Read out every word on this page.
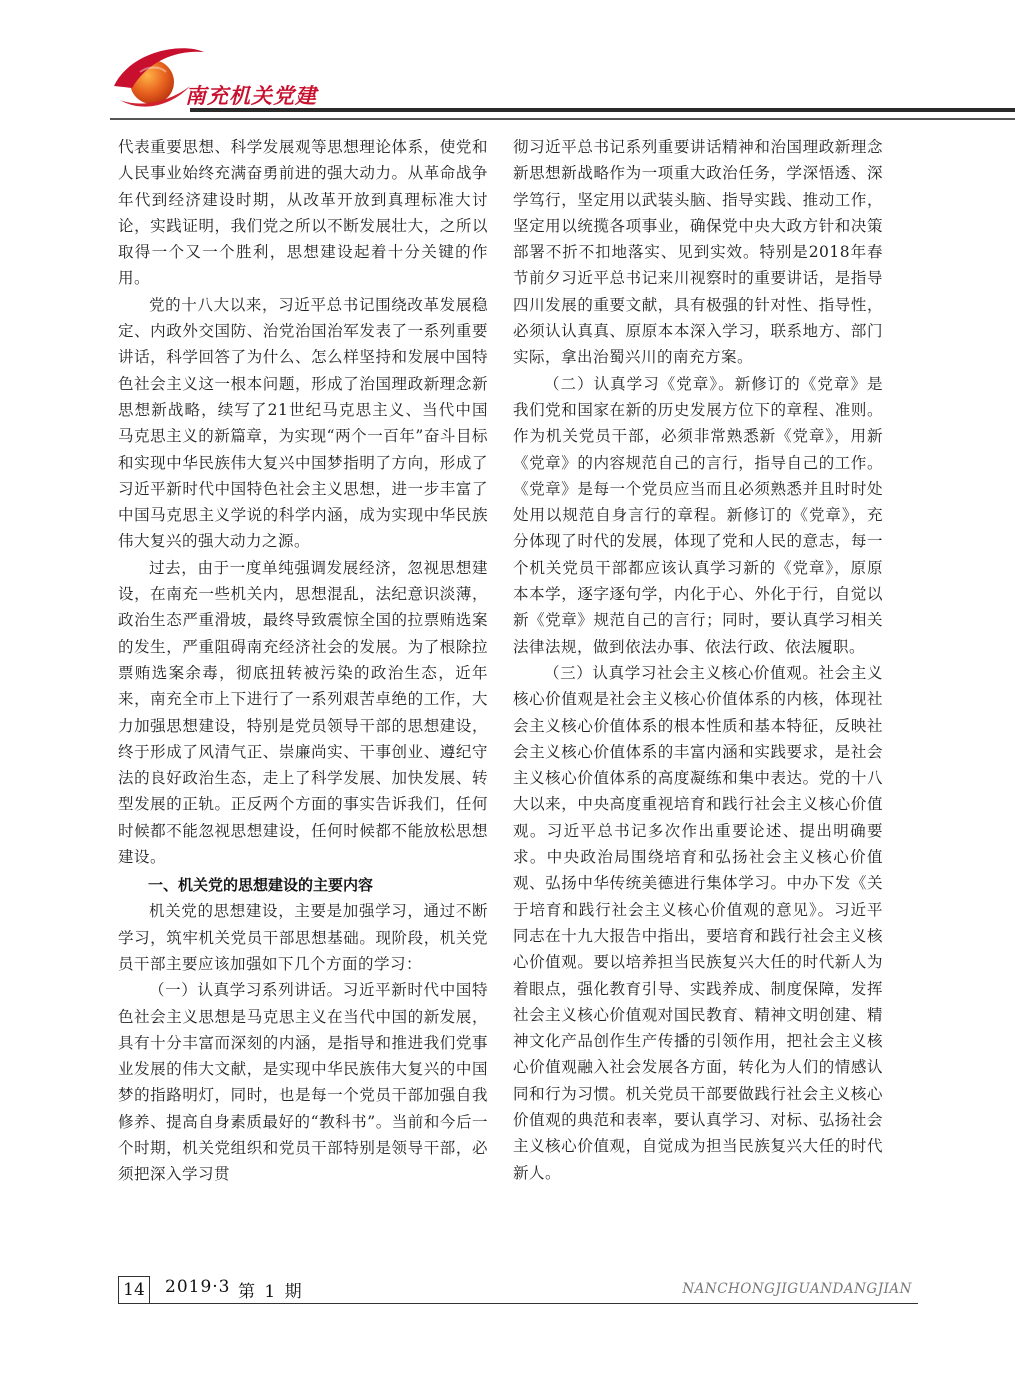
南充机关党建

代表重要思想、科学发展观等思想理论体系，使党和人民事业始终充满奋勇前进的强大动力。从革命战争年代到经济建设时期，从改革开放到真理标准大讨论，实践证明，我们党之所以不断发展壮大，之所以取得一个又一个胜利，思想建设起着十分关键的作用。

党的十八大以来，习近平总书记围绕改革发展稳定、内政外交国防、治党治国治军发表了一系列重要讲话，科学回答了为什么、怎么样坚持和发展中国特色社会主义这一根本问题，形成了治国理政新理念新思想新战略，续写了21世纪马克思主义、当代中国马克思主义的新篇章，为实现“两个一百年”奋斗目标和实现中华民族伟大复兴中国梦指明了方向，形成了习近平新时代中国特色社会主义思想，进一步丰富了中国马克思主义学说的科学内涵，成为实现中华民族伟大复兴的强大动力之源。

过去，由于一度单纯强调发展经济，忽视思想建设，在南充一些机关内，思想混乱，法纪意识淡薄，政治生态严重滑坡，最终导致震惊全国的拉票贿选案的发生，严重阻碍南充经济社会的发展。为了根除拉票贿选案余毒，彻底扭转被污染的政治生态，近年来，南充全市上下进行了一系列艰苦卓绝的工作，大力加强思想建设，特别是党员领导干部的思想建设，终于形成了风清气正、崇廉尚实、干事创业、遵纪守法的良好政治生态，走上了科学发展、加快发展、转型发展的正轨。正反两个方面的事实告诉我们，任何时候都不能忽视思想建设，任何时候都不能放松思想建设。

一、机关党的思想建设的主要内容

机关党的思想建设，主要是加强学习，通过不断学习，筑牢机关党员干部思想基础。现阶段，机关党员干部主要应该加强如下几个方面的学习：

（一）认真学习系列讲话。习近平新时代中国特色社会主义思想是马克思主义在当代中国的新发展，具有十分丰富而深刻的内涵，是指导和推进我们党事业发展的伟大文献，是实现中华民族伟大复兴的中国梦的指路明灯，同时，也是每一个党员干部加强自我修养、提高自身素质最好的“教科书”。当前和今后一个时期，机关党组织和党员干部特别是领导干部，必须把深入学习贯

彻习近平总书记系列重要讲话精神和治国理政新理念新思想新战略作为一项重大政治任务，学深悟透、深学笃行，坚定用以武装头脑、指导实践、推动工作，坚定用以统揽各项事业，确保党中央大政方针和决策部署不折不扣地落实、见到实效。特别是2018年春节前夕习近平总书记来川视察时的重要讲话，是指导四川发展的重要文献，具有极强的针对性、指导性，必须认认真真、原原本本深入学习，联系地方、部门实际，拿出治蜀兴川的南充方案。

（二）认真学习《党章》。新修订的《党章》是我们党和国家在新的历史发展方位下的章程、准则。作为机关党员干部，必须非常熟悉新《党章》，用新《党章》的内容规范自己的言行，指导自己的工作。《党章》是每一个党员应当而且必须熟悉并且时时处处用以规范自身言行的章程。新修订的《党章》，充分体现了时代的发展，体现了党和人民的意志，每一个机关党员干部都应该认真学习新的《党章》，原原本本学，逐字逐句学，内化于心、外化于行，自觉以新《党章》规范自己的言行；同时，要认真学习相关法律法规，做到依法办事、依法行政、依法履职。

（三）认真学习社会主义核心价值观。社会主义核心价值观是社会主义核心价值体系的内核，体现社会主义核心价值体系的根本性质和基本特征，反映社会主义核心价值体系的丰富内涵和实践要求，是社会主义核心价值体系的高度凝练和集中表达。党的十八大以来，中央高度重视培育和践行社会主义核心价值观。习近平总书记多次作出重要论述、提出明确要求。中央政治局围绕培育和弘扬社会主义核心价值观、弘扬中华传统美德进行集体学习。中办下发《关于培育和践行社会主义核心价值观的意见》。习近平同志在十九大报告中指出，要培育和践行社会主义核心价值观。要以培养担当民族复兴大任的时代新人为着眼点，强化教育引导、实践养成、制度保障，发挥社会主义核心价值观对国民教育、精神文明创建、精神文化产品创作生产传播的引领作用，把社会主义核心价值观融入社会发展各方面，转化为人们的情感认同和行为习惯。机关党员干部要做践行社会主义核心价值观的典范和表率，要认真学习、对标、弘扬社会主义核心价值观，自觉成为担当民族复兴大任的时代新人。

14	2019·3 第 1 期	NANCHONGJIGUANDANGJIAN
